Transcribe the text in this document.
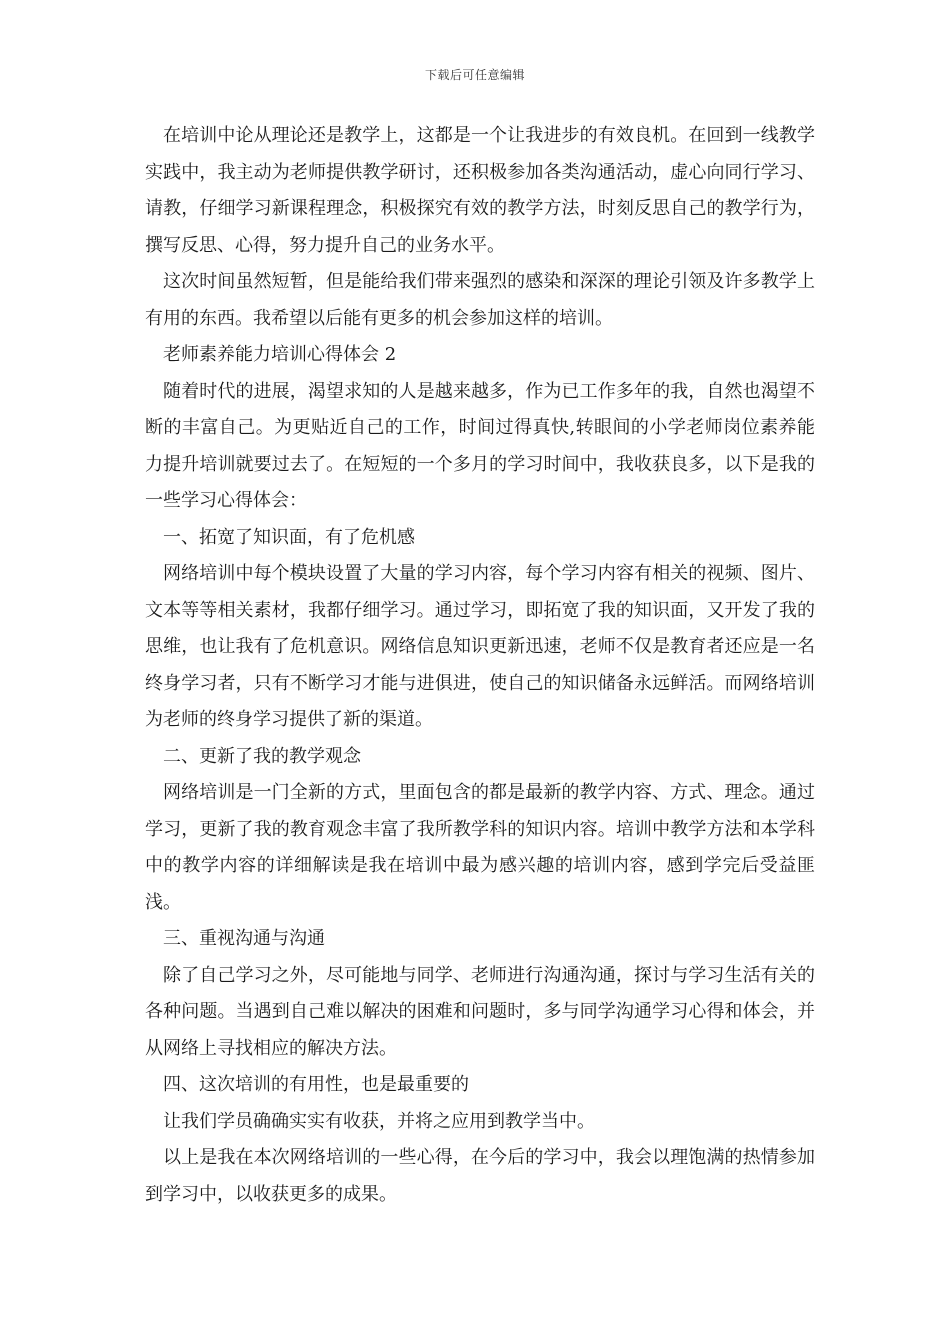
下载后可任意编辑

在培训中论从理论还是教学上，这都是一个让我进步的有效良机。在回到一线教学实践中，我主动为老师提供教学研讨，还积极参加各类沟通活动，虚心向同行学习、请教，仔细学习新课程理念，积极探究有效的教学方法，时刻反思自己的教学行为，撰写反思、心得，努力提升自己的业务水平。

这次时间虽然短暂，但是能给我们带来强烈的感染和深深的理论引领及许多教学上有用的东西。我希望以后能有更多的机会参加这样的培训。

老师素养能力培训心得体会 2

随着时代的进展，渴望求知的人是越来越多，作为已工作多年的我，自然也渴望不断的丰富自己。为更贴近自己的工作，时间过得真快,转眼间的小学老师岗位素养能力提升培训就要过去了。在短短的一个多月的学习时间中，我收获良多，以下是我的一些学习心得体会：

一、拓宽了知识面，有了危机感

网络培训中每个模块设置了大量的学习内容，每个学习内容有相关的视频、图片、文本等等相关素材，我都仔细学习。通过学习，即拓宽了我的知识面，又开发了我的思维，也让我有了危机意识。网络信息知识更新迅速，老师不仅是教育者还应是一名终身学习者，只有不断学习才能与进俱进，使自己的知识储备永远鲜活。而网络培训为老师的终身学习提供了新的渠道。

二、更新了我的教学观念

网络培训是一门全新的方式，里面包含的都是最新的教学内容、方式、理念。通过学习，更新了我的教育观念丰富了我所教学科的知识内容。培训中教学方法和本学科中的教学内容的详细解读是我在培训中最为感兴趣的培训内容，感到学完后受益匪浅。

三、重视沟通与沟通

除了自己学习之外，尽可能地与同学、老师进行沟通沟通，探讨与学习生活有关的各种问题。当遇到自己难以解决的困难和问题时，多与同学沟通学习心得和体会，并从网络上寻找相应的解决方法。

四、这次培训的有用性，也是最重要的

让我们学员确确实实有收获，并将之应用到教学当中。

以上是我在本次网络培训的一些心得，在今后的学习中，我会以理饱满的热情参加到学习中，以收获更多的成果。
